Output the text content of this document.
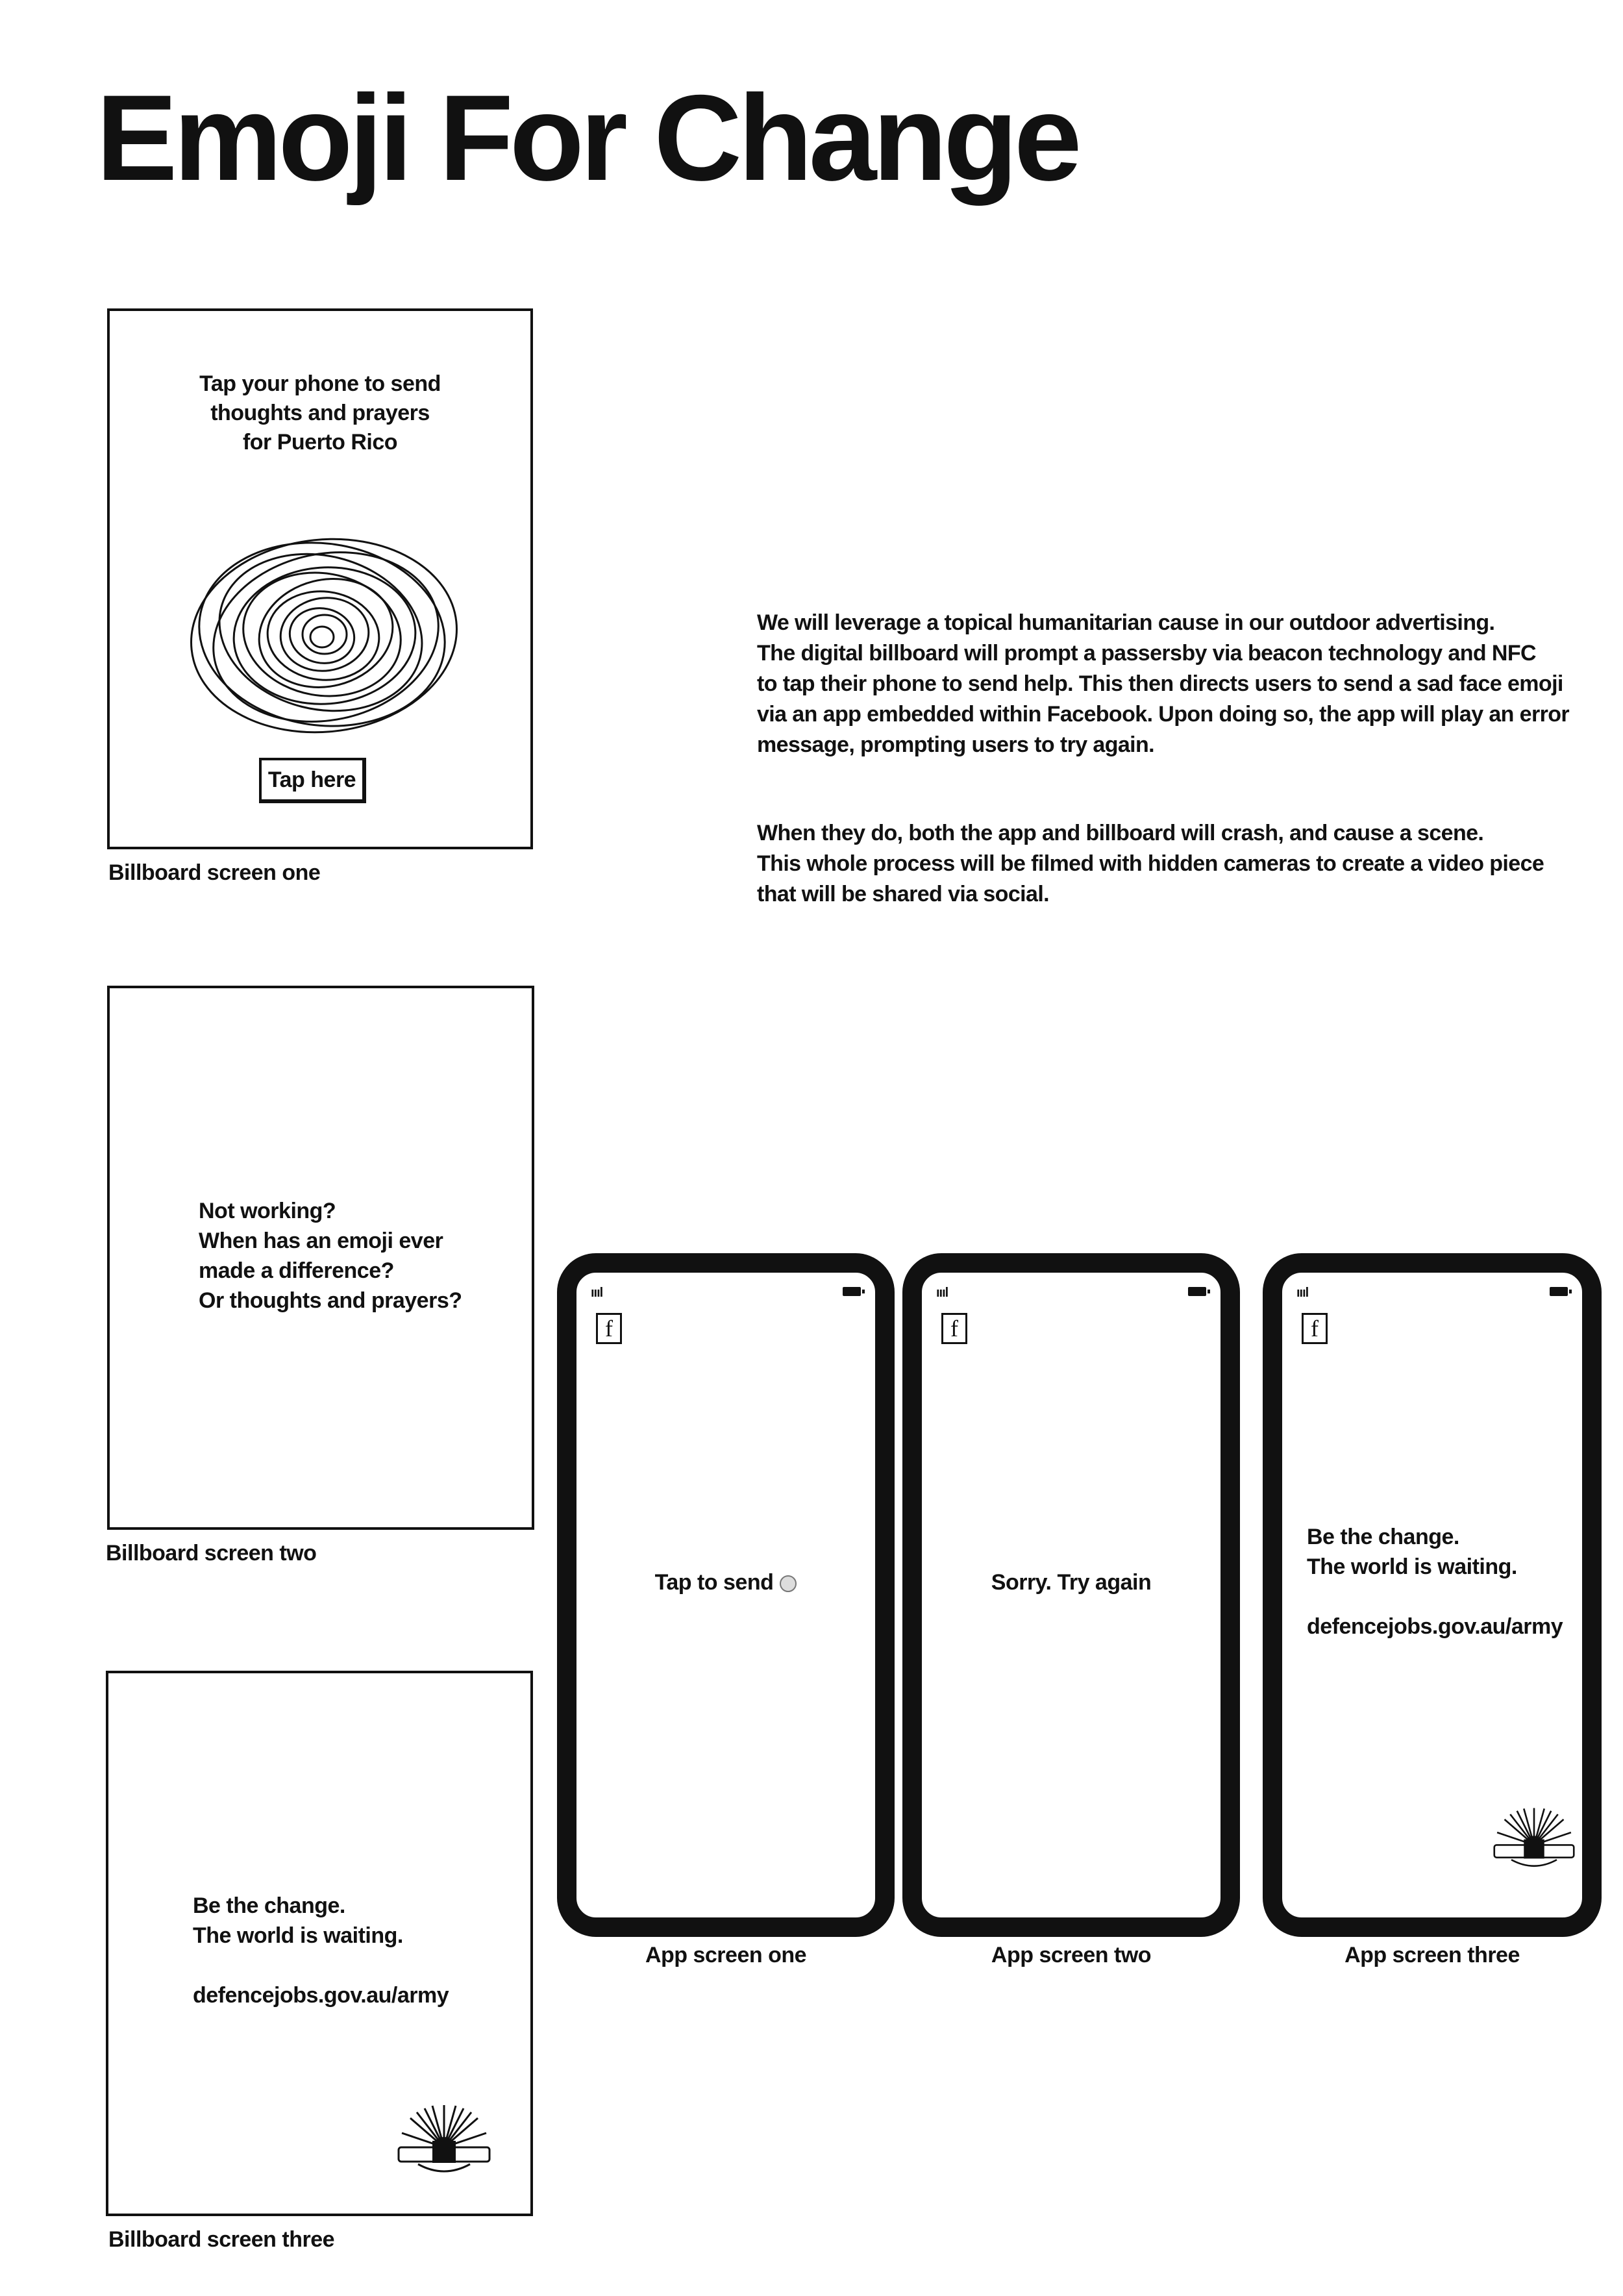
Emoji For Change
Tap your phone to send
thoughts and prayers
for Puerto Rico
Tap here
Billboard screen one
Not working?
When has an emoji ever
made a difference?
Or thoughts and prayers?
Billboard screen two
Be the change.
The world is waiting.
defencejobs.gov.au/army
Billboard screen three
We will leverage a topical humanitarian cause in our outdoor advertising.
The digital billboard will prompt a passersby via beacon technology and NFC
to tap their phone to send help. This then directs users to send a sad face emoji
via an app embedded within Facebook. Upon doing so, the app will play an error
message, prompting users to try again.
When they do, both the app and billboard will crash, and cause a scene.
This whole process will be filmed with hidden cameras to create a video piece
that will be shared via social.
ıııl
f
Tap to send
App screen one
ıııl
f
Sorry. Try again
App screen two
ıııl
f
Be the change.
The world is waiting.
defencejobs.gov.au/army
App screen three
